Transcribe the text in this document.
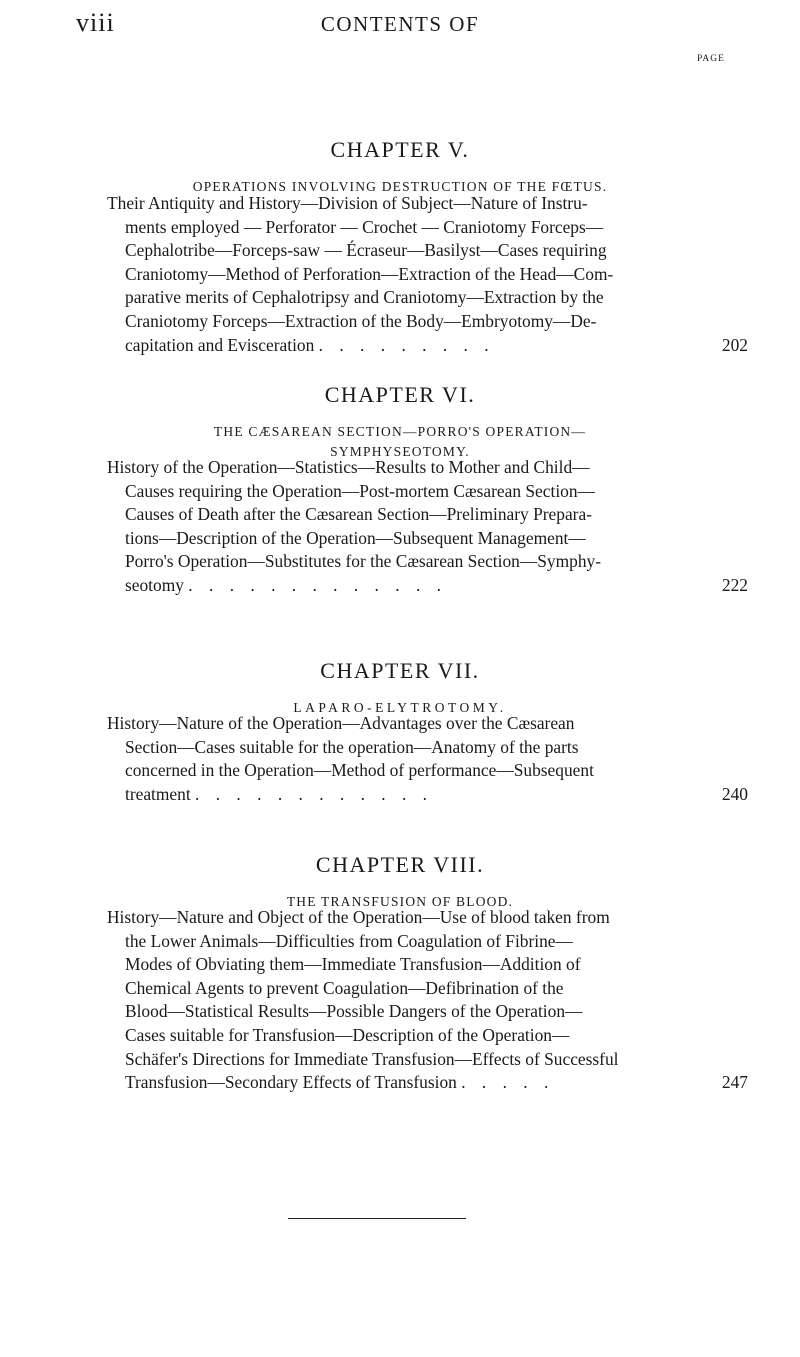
viii	CONTENTS OF
PAGE
CHAPTER V.

OPERATIONS INVOLVING DESTRUCTION OF THE FŒTUS.

Their Antiquity and History—Division of Subject—Nature of Instru-
ments employed — Perforator — Crochet — Craniotomy Forceps—
Cephalotribe—Forceps-saw — Écraseur—Basilyst—Cases requiring
Craniotomy—Method of Perforation—Extraction of the Head—Com-
parative merits of Cephalotripsy and Craniotomy—Extraction by the
Craniotomy Forceps—Extraction of the Body—Embryotomy—De-
capitation and Evisceration . . . . . . . . .	202
CHAPTER VI.

THE CÆSAREAN SECTION—PORRO'S OPERATION—

SYMPHYSEOTOMY.

History of the Operation—Statistics—Results to Mother and Child—
Causes requiring the Operation—Post-mortem Cæsarean Section—
Causes of Death after the Cæsarean Section—Preliminary Prepara-
tions—Description of the Operation—Subsequent Management—
Porro's Operation—Substitutes for the Cæsarean Section—Symphy-
seotomy . . . . . . . . . . . . .	222
CHAPTER VII.

LAPARO-ELYTROTOMY.

History—Nature of the Operation—Advantages over the Cæsarean
Section—Cases suitable for the operation—Anatomy of the parts
concerned in the Operation—Method of performance—Subsequent
treatment . . . . . . . . . . . .	240
CHAPTER VIII.

THE TRANSFUSION OF BLOOD.

History—Nature and Object of the Operation—Use of blood taken from
the Lower Animals—Difficulties from Coagulation of Fibrine—
Modes of Obviating them—Immediate Transfusion—Addition of
Chemical Agents to prevent Coagulation—Defibrination of the
Blood—Statistical Results—Possible Dangers of the Operation—
Cases suitable for Transfusion—Description of the Operation—
Schäfer's Directions for Immediate Transfusion—Effects of Successful
Transfusion—Secondary Effects of Transfusion . . . . .	247
